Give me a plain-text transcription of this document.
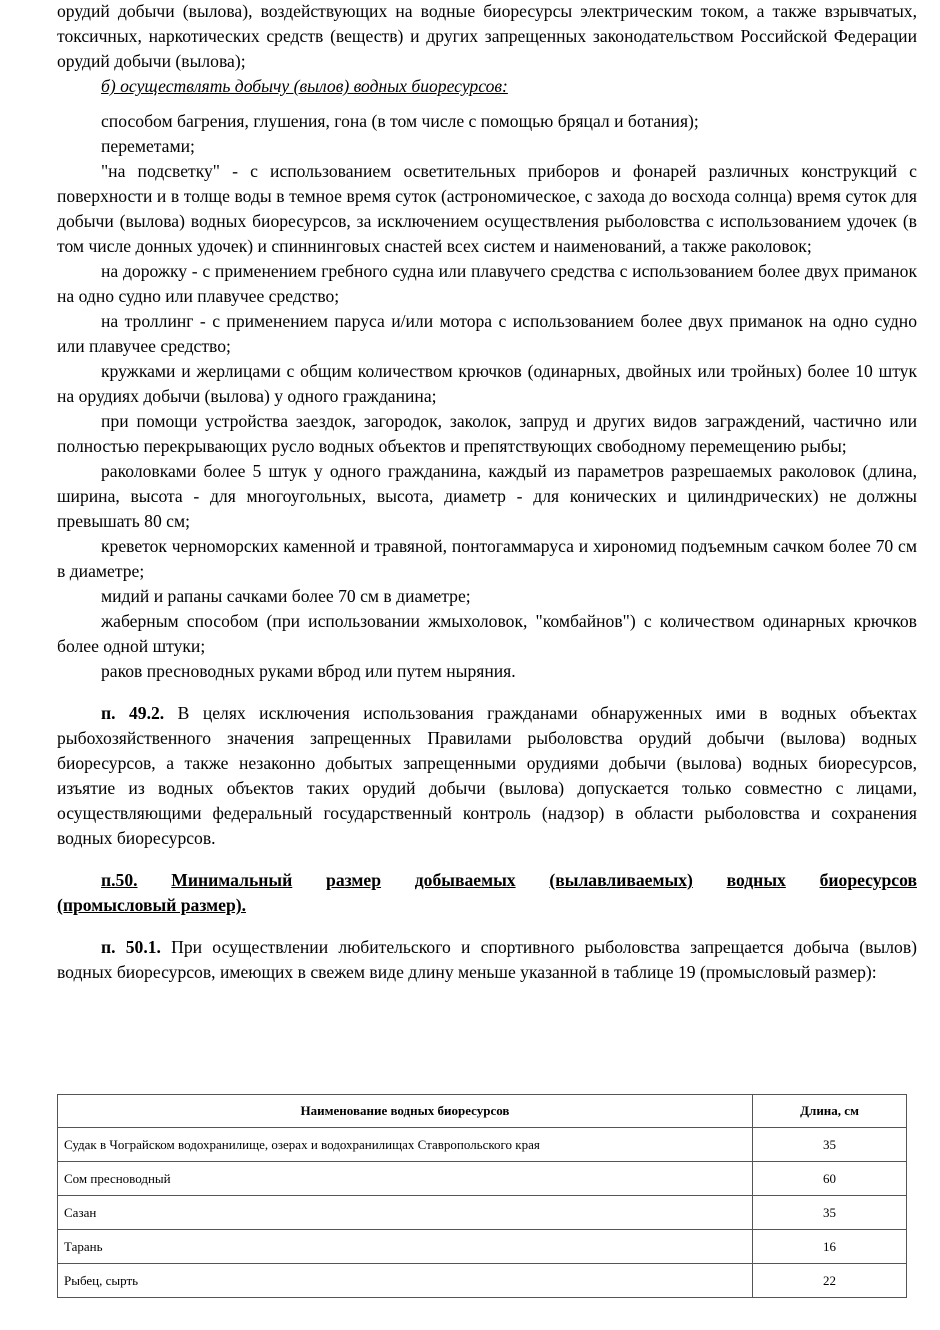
орудий добычи (вылова), воздействующих на водные биоресурсы электрическим током, а также взрывчатых, токсичных, наркотических средств (веществ) и других запрещенных законодательством Российской Федерации орудий добычи (вылова);

б) осуществлять добычу (вылов) водных биоресурсов:

способом багрения, глушения, гона (в том числе с помощью бряцал и ботания);

переметами;

"на подсветку" - с использованием осветительных приборов и фонарей различных конструкций с поверхности и в толще воды в темное время суток (астрономическое, с захода до восхода солнца) время суток для добычи (вылова) водных биоресурсов, за исключением осуществления рыболовства с использованием удочек (в том числе донных удочек) и спиннинговых снастей всех систем и наименований, а также раколовок;

на дорожку - с применением гребного судна или плавучего средства с использованием более двух приманок на одно судно или плавучее средство;

на троллинг - с применением паруса и/или мотора с использованием более двух приманок на одно судно или плавучее средство;

кружками и жерлицами с общим количеством крючков (одинарных, двойных или тройных) более 10 штук на орудиях добычи (вылова) у одного гражданина;

при помощи устройства заездок, загородок, заколок, запруд и других видов заграждений, частично или полностью перекрывающих русло водных объектов и препятствующих свободному перемещению рыбы;

раколовками более 5 штук у одного гражданина, каждый из параметров разрешаемых раколовок (длина, ширина, высота - для многоугольных, высота, диаметр - для конических и цилиндрических) не должны превышать 80 см;

креветок черноморских каменной и травяной, понтогаммаруса и хирономид подъемным сачком более 70 см в диаметре;

мидий и рапаны сачками более 70 см в диаметре;

жаберным способом (при использовании жмыхоловок, "комбайнов") с количеством одинарных крючков более одной штуки;

раков пресноводных руками вброд или путем ныряния.

п. 49.2. В целях исключения использования гражданами обнаруженных ими в водных объектах рыбохозяйственного значения запрещенных Правилами рыболовства орудий добычи (вылова) водных биоресурсов, а также незаконно добытых запрещенными орудиями добычи (вылова) водных биоресурсов, изъятие из водных объектов таких орудий добычи (вылова) допускается только совместно с лицами, осуществляющими федеральный государственный контроль (надзор) в области рыболовства и сохранения водных биоресурсов.

п.50. Минимальный размер добываемых (вылавливаемых) водных биоресурсов
(промысловый размер).

п. 50.1. При осуществлении любительского и спортивного рыболовства запрещается добыча (вылов) водных биоресурсов, имеющих в свежем виде длину меньше указанной в таблице 19 (промысловый размер):

Наименование водных биоресурсов	Длина, см
Судак в Чограйском водохранилище, озерах и водохранилищах Ставропольского края	35
Сом пресноводный	60
Сазан	35
Тарань	16
Рыбец, сырть	22
